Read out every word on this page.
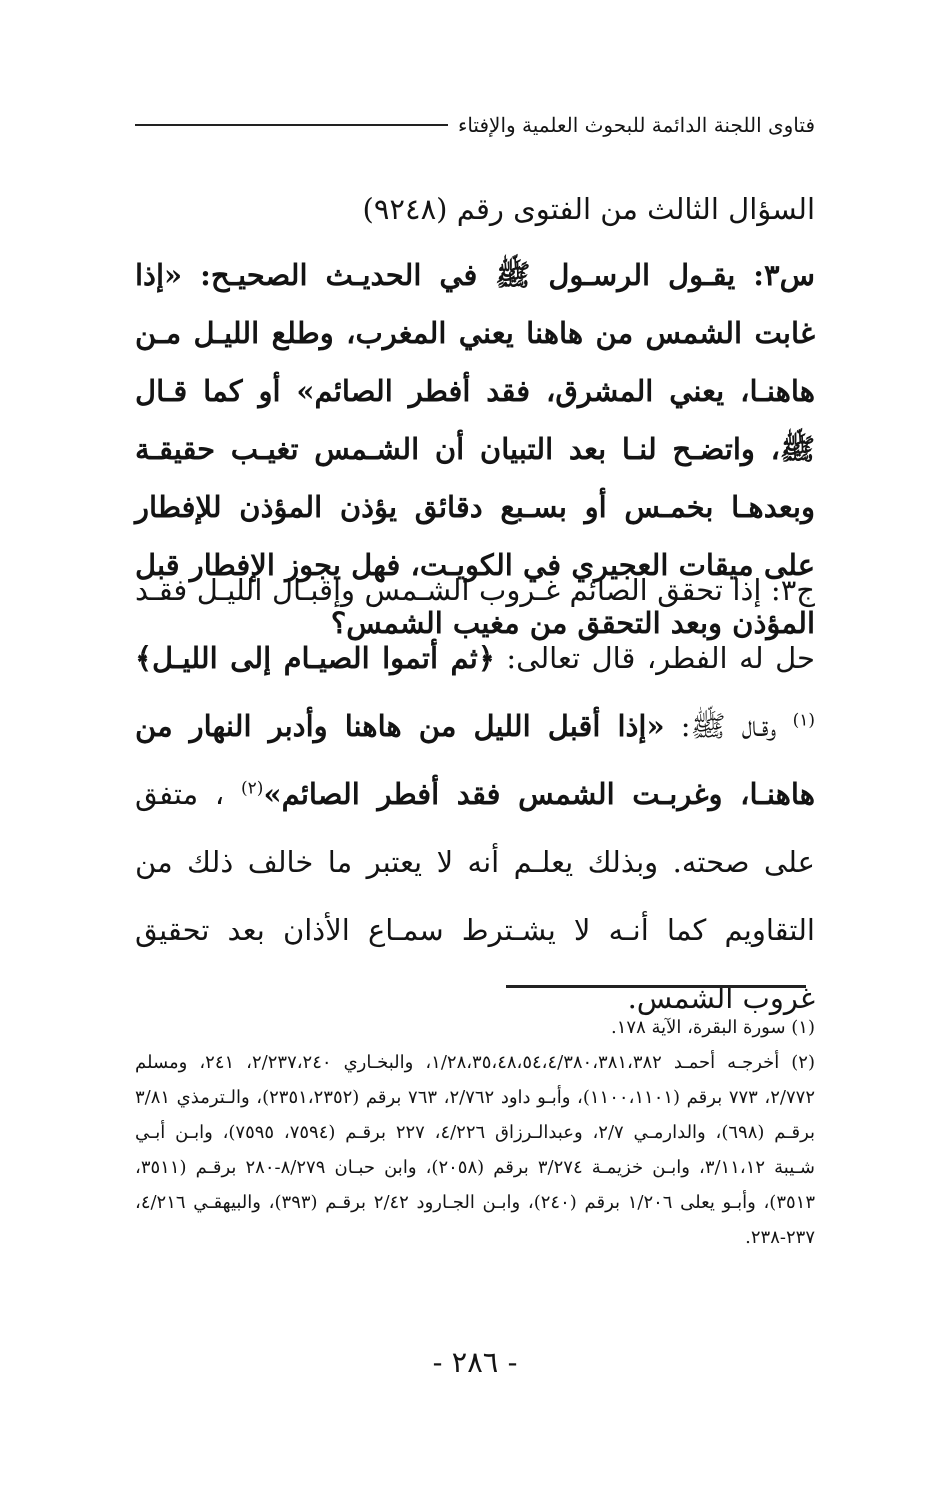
فتاوى اللجنة الدائمة للبحوث العلمية والإفتاء
السؤال الثالث من الفتوى رقم (٩٢٤٨)

س٣: يقـول الرسـول ﷺ في الحديـث الصحيـح: «إذا غابت الشمس من هاهنا يعني المغرب، وطلع الليـل مـن هاهنـا، يعني المشرق، فقد أفطر الصائم» أو كما قـال ﷺ، واتضـح لنـا بعد التبيان أن الشـمس تغيـب حقيقـة وبعدهـا بخمـس أو بسـبع دقائق يؤذن المؤذن للإفطار على ميقات العجيري في الكويـت، فهل يجوز الإفطار قبل المؤذن وبعد التحقق من مغيب الشمس؟

ج٣: إذا تحقق الصائم غـروب الشـمس وإقبـال الليـل فقـد حل له الفطر، قال تعالى: ﴿ثم أتموا الصيـام إلى الليـل﴾$^{(١)}$ وقـال ﷺ: «إذا أقبل الليل من هاهنا وأدبر النهار من هاهنـا، وغربـت الشمس فقد أفطر الصائم»$^{(٢)}$ ، متفق على صحته. وبذلك يعلـم أنه لا يعتبر ما خالف ذلك من التقاويم كما أنـه لا يشـترط سمـاع الأذان بعد تحقيق غروب الشمس.

(١) سورة البقرة، الآية ١٧٨.

(٢) أخرجـه أحمـد ١/٢٨،٣٥،٤٨،٥٤،٤/٣٨٠،٣٨١،٣٨٢، والبخـاري ٢/٢٣٧،٢٤٠، ٢٤١، ومسلم ٢/٧٧٢، ٧٧٣ برقم (١١٠٠،١١٠١)، وأبـو داود ٢/٧٦٢، ٧٦٣ برقم (٢٣٥١،٢٣٥٢)، والـترمذي ٣/٨١ برقـم (٦٩٨)، والدارمـي ٢/٧، وعبدالـرزاق ٤/٢٢٦، ٢٢٧ برقـم (٧٥٩٤، ٧٥٩٥)، وابـن أبـي شـيبة ٣/١١،١٢، وابـن خزيمـة ٣/٢٧٤ برقم (٢٠٥٨)، وابن حبـان ٨/٢٧٩-٢٨٠ برقـم (٣٥١١، ٣٥١٣)، وأبـو يعلى ١/٢٠٦ برقم (٢٤٠)، وابـن الجـارود ٢/٤٢ برقـم (٣٩٣)، والبيهقـي ٤/٢١٦، ٢٣٧-٢٣٨.

- ٢٨٦ -
